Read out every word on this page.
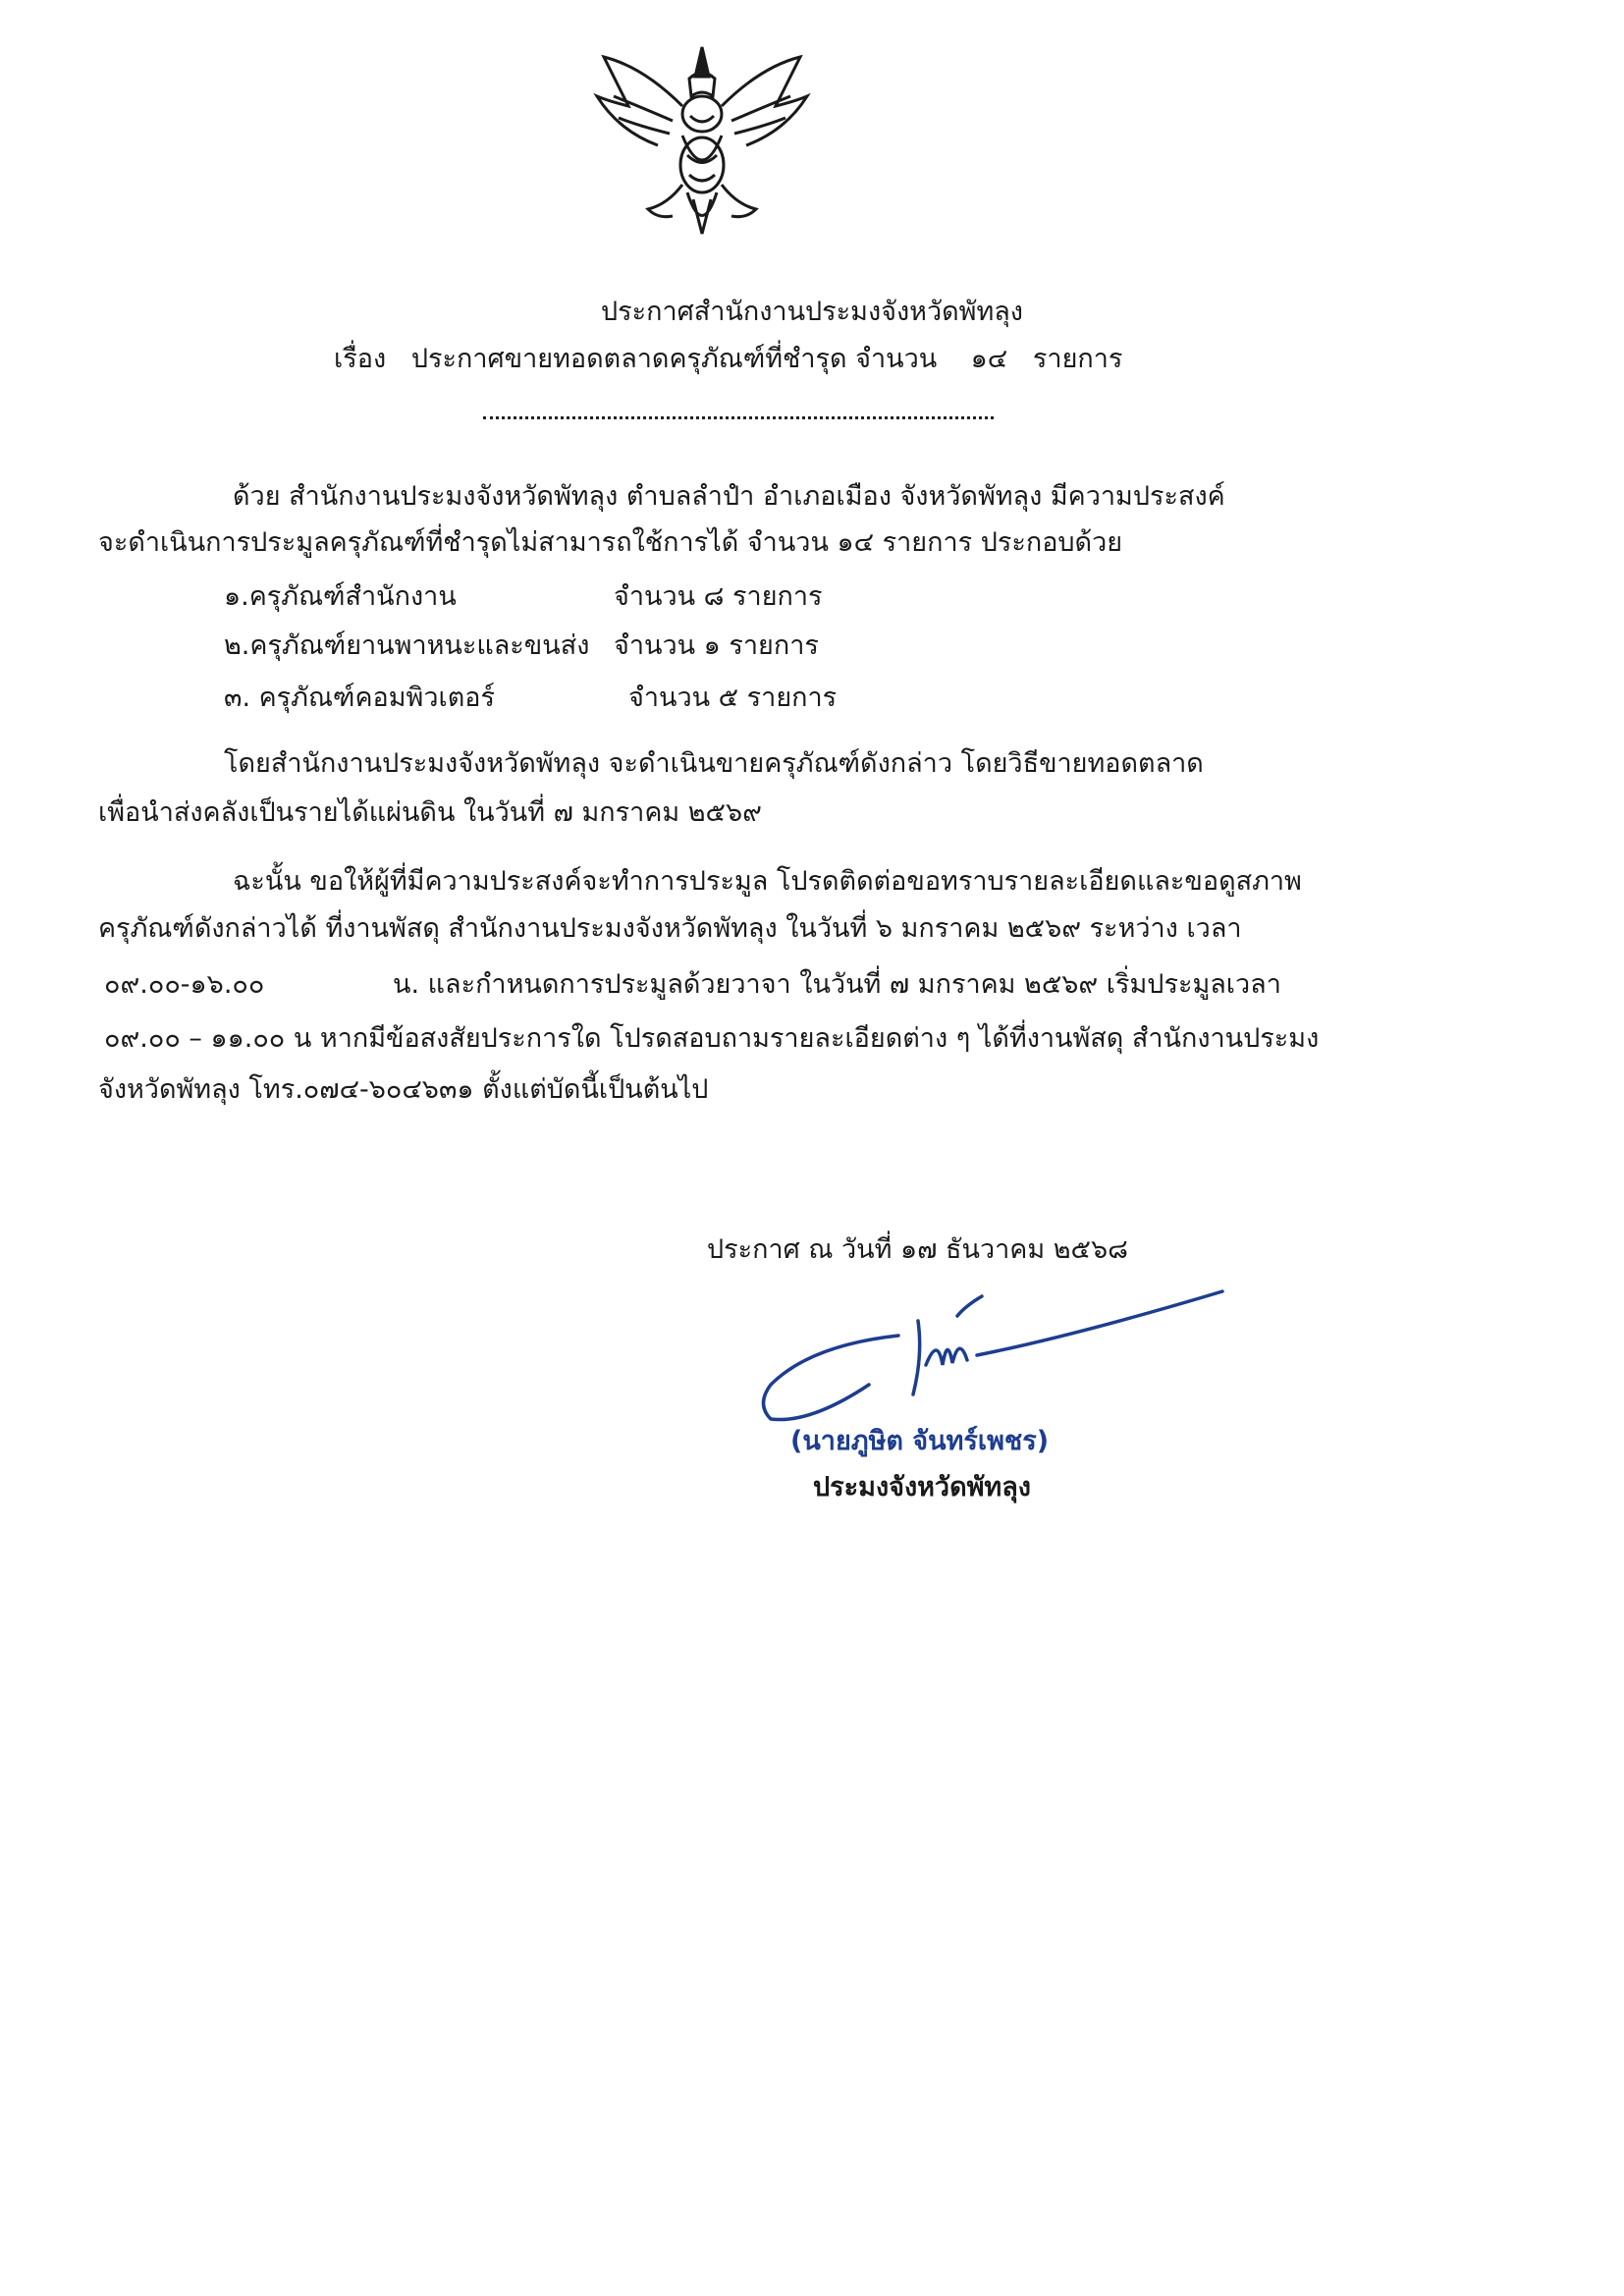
ประกาศสำนักงานประมงจังหวัดพัทลุง
เรื่อง ประกาศขายทอดตลาดครุภัณฑ์ที่ชำรุด จำนวน ๑๔ รายการ
ด้วย สำนักงานประมงจังหวัดพัทลุง ตำบลลำปำ อำเภอเมือง จังหวัดพัทลุง มีความประสงค์
จะดำเนินการประมูลครุภัณฑ์ที่ชำรุดไม่สามารถใช้การได้ จำนวน ๑๔ รายการ ประกอบด้วย
๑.ครุภัณฑ์สำนักงาน	จำนวน ๘ รายการ
๒.ครุภัณฑ์ยานพาหนะและขนส่ง จำนวน ๑ รายการ
๓. ครุภัณฑ์คอมพิวเตอร์	จำนวน ๕ รายการ
โดยสำนักงานประมงจังหวัดพัทลุง จะดำเนินขายครุภัณฑ์ดังกล่าว โดยวิธีขายทอดตลาด
เพื่อนำส่งคลังเป็นรายได้แผ่นดิน ในวันที่ ๗ มกราคม ๒๕๖๙
ฉะนั้น ขอให้ผู้ที่มีความประสงค์จะทำการประมูล โปรดติดต่อขอทราบรายละเอียดและขอดูสภาพ
ครุภัณฑ์ดังกล่าวได้ ที่งานพัสดุ สำนักงานประมงจังหวัดพัทลุง ในวันที่ ๖ มกราคม ๒๕๖๙ ระหว่าง เวลา
๐๙.๐๐-๑๖.๐๐	น. และกำหนดการประมูลด้วยวาจา ในวันที่ ๗ มกราคม ๒๕๖๙ เริ่มประมูลเวลา
๐๙.๐๐ – ๑๑.๐๐ น หากมีข้อสงสัยประการใด โปรดสอบถามรายละเอียดต่าง ๆ ได้ที่งานพัสดุ สำนักงานประมง
จังหวัดพัทลุง โทร.๐๗๔-๖๐๔๖๓๑ ตั้งแต่บัดนี้เป็นต้นไป
ประกาศ ณ วันที่ ๑๗ ธันวาคม ๒๕๖๘
(นายภูษิต จันทร์เพชร)
ประมงจังหวัดพัทลุง
